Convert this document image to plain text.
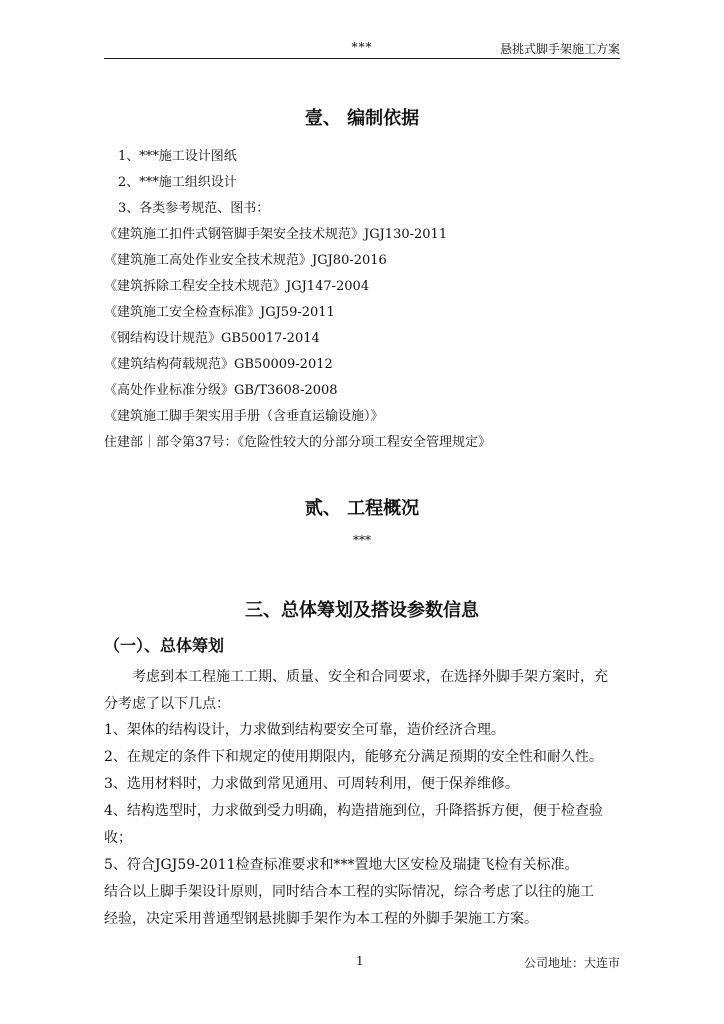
***	悬挑式脚手架施工方案
壹、 编制依据
1、***施工设计图纸
2、***施工组织设计
3、各类参考规范、图书：
《建筑施工扣件式钢管脚手架安全技术规范》JGJ130-2011
《建筑施工高处作业安全技术规范》JGJ80-2016
《建筑拆除工程安全技术规范》JGJ147-2004
《建筑施工安全检查标准》JGJ59-2011
《钢结构设计规范》GB50017-2014
《建筑结构荷载规范》GB50009-2012
《高处作业标准分级》GB/T3608-2008
《建筑施工脚手架实用手册（含垂直运输设施）》
住建部｜部令第37号：《危险性较大的分部分项工程安全管理规定》
贰、 工程概况
***
三、总体筹划及搭设参数信息
（一）、总体筹划
考虑到本工程施工工期、质量、安全和合同要求，在选择外脚手架方案时，充
分考虑了以下几点：
1、架体的结构设计，力求做到结构要安全可靠，造价经济合理。
2、在规定的条件下和规定的使用期限内，能够充分满足预期的安全性和耐久性。
3、选用材料时，力求做到常见通用、可周转利用，便于保养维修。
4、结构选型时，力求做到受力明确，构造措施到位，升降搭拆方便，便于检查验
收；
5、符合JGJ59-2011检查标准要求和***置地大区安检及瑞捷飞检有关标准。
结合以上脚手架设计原则，同时结合本工程的实际情况，综合考虑了以往的施工
经验，决定采用普通型钢悬挑脚手架作为本工程的外脚手架施工方案。
1	公司地址：大连市
